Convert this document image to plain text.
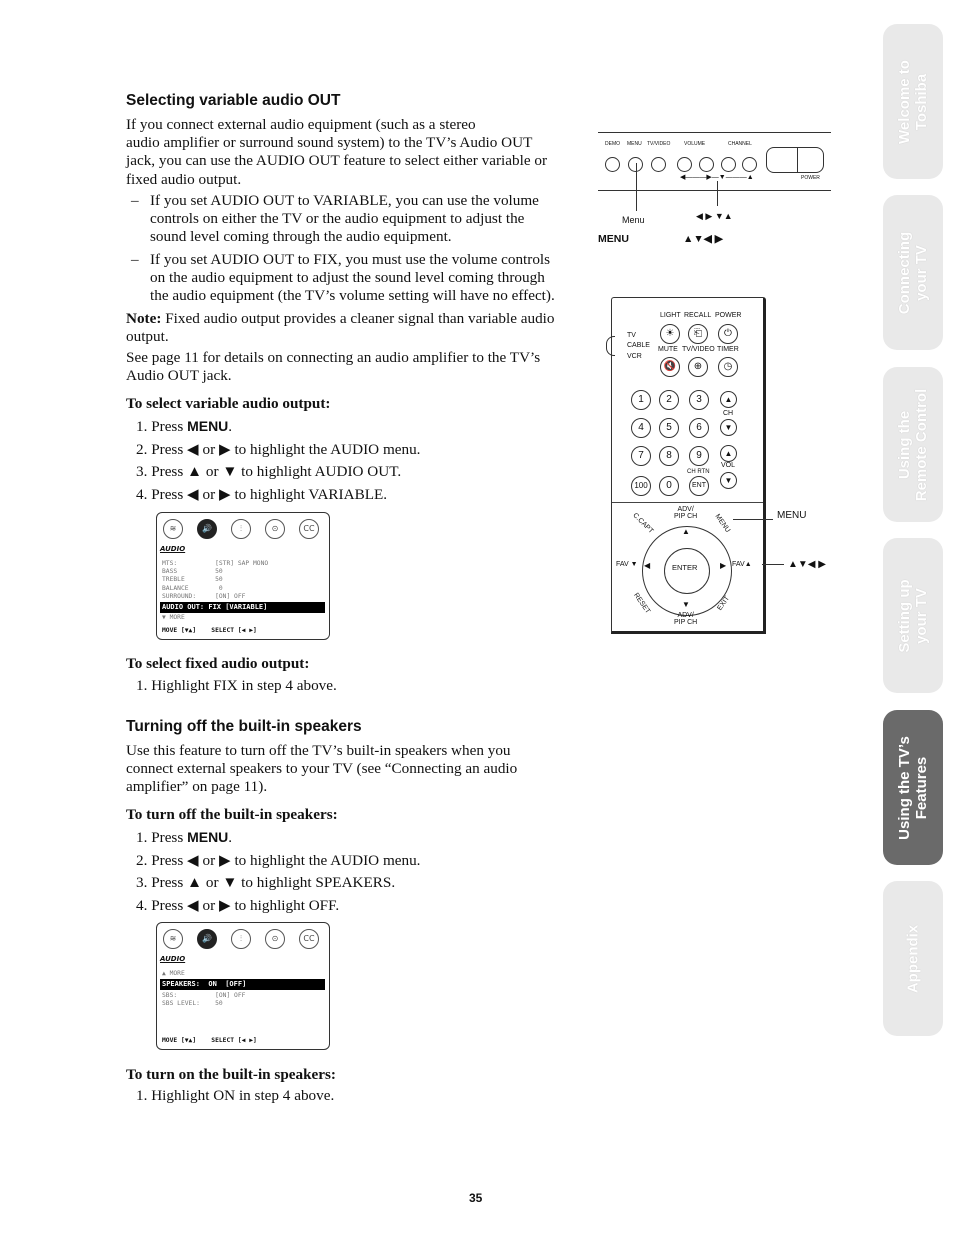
Selecting variable audio OUT
If you connect external audio equipment (such as a stereo
audio amplifier or surround sound system) to the TV’s Audio OUT
jack, you can use the AUDIO OUT feature to select either variable or
fixed audio output.
– If you set AUDIO OUT to VARIABLE, you can use the volume
controls on either the TV or the audio equipment to adjust the
sound level coming through the audio equipment.
– If you set AUDIO OUT to FIX, you must use the volume controls
on the audio equipment to adjust the sound level coming through
the audio equipment (the TV’s volume setting will have no effect).
Note: Fixed audio output provides a cleaner signal than variable audio
output.
See page 11 for details on connecting an audio amplifier to the TV’s
Audio OUT jack.
To select variable audio output:
1. Press MENU.
2. Press ◀ or ▶ to highlight the AUDIO menu.
3. Press ▲ or ▼ to highlight AUDIO OUT.
4. Press ◀ or ▶ to highlight VARIABLE.
≋	🔊	⫶	⊙	CC
AUDIO
MTS:          [STR] SAP MONO
BASS          50
TREBLE        50
BALANCE        0
SURROUND:     [ON] OFF
AUDIO OUT: FIX [VARIABLE]
▼ MORE
MOVE [▼▲]    SELECT [◀ ▶]
To select fixed audio output:
1. Highlight FIX in step 4 above.
Turning off the built-in speakers
Use this feature to turn off the TV’s built-in speakers when you
connect external speakers to your TV (see “Connecting an audio
amplifier” on page 11).
To turn off the built-in speakers:
1. Press MENU.
2. Press ◀ or ▶ to highlight the AUDIO menu.
3. Press ▲ or ▼ to highlight SPEAKERS.
4. Press ◀ or ▶ to highlight OFF.
≋	🔊	⫶	⊙	CC
AUDIO
▲ MORE
SPEAKERS:  ON  [OFF]
SBS:          [ON] OFF
SBS LEVEL:    50
MOVE [▼▲]    SELECT [◀ ▶]
To turn on the built-in speakers:
1. Highlight ON in step 4 above.
DEMO MENU TV/VIDEO	VOLUME	CHANNEL
POWER
◀———▶—▼———▲
Menu	◀ ▶ ▼▲
MENU	▲▼◀ ▶
LIGHT RECALL POWER
☀	⎗	⏻
TV
CABLE
VCR
MUTE TV/VIDEO TIMER
🔇	⊕	◷
1	2	3
4	5	6
7	8	9
100	0	ENT
▲
CH
▼
CH RTN
▲
VOL
▼
ADV/
PIP CH
▲
▼
◀	▶
ENTER
FAV ▼	FAV▲
C.CAPT	MENU
RESET	EXIT
ADV/
PIP CH
MENU
▲▼◀ ▶
Welcome to
Toshiba
Connecting
your TV
Using the
Remote Control
Setting up
your TV
Using the TV’s
Features
Appendix
35
